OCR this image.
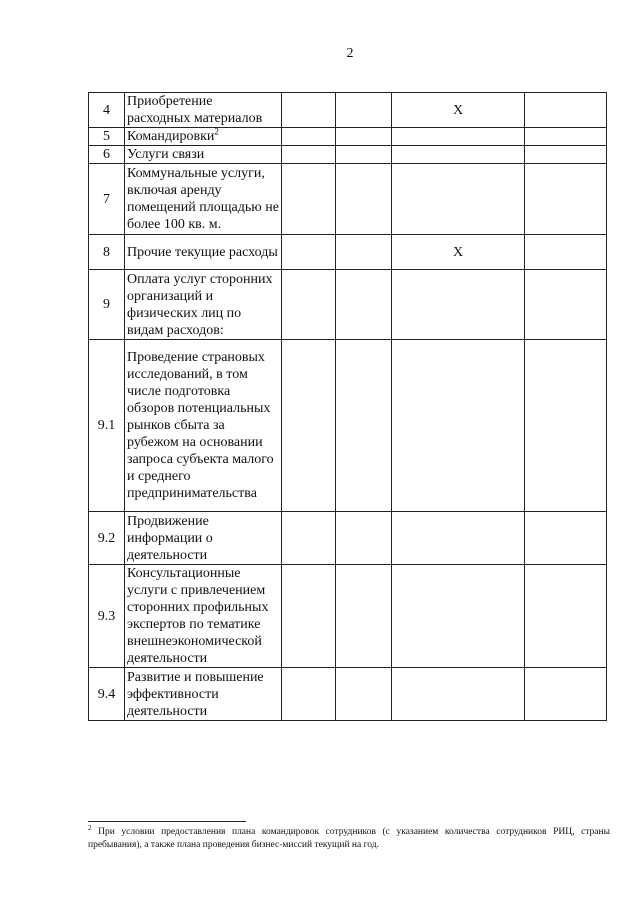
2
4	Приобретение расходных материалов			X	
5	Командировки$^2$				
6	Услуги связи				
7	Коммунальные услуги, включая аренду помещений площадью не более 100 кв. м.				
8	Прочие текущие расходы			X	
9	Оплата услуг сторонних организаций и физических лиц по видам расходов:				
9.1	Проведение страновых исследований, в том числе подготовка обзоров потенциальных рынков сбыта за рубежом на основании запроса субъекта малого и среднего предпринимательства				
9.2	Продвижение информации о деятельности				
9.3	Консультационные услуги с привлечением сторонних профильных экспертов по тематике внешнеэкономической деятельности				
9.4	Развитие и повышение эффективности деятельности				
$^2$ При условии предоставления плана командировок сотрудников (с указанием количества сотрудников РИЦ, страны пребывания), а также плана проведения бизнес-миссий текущий на год.
